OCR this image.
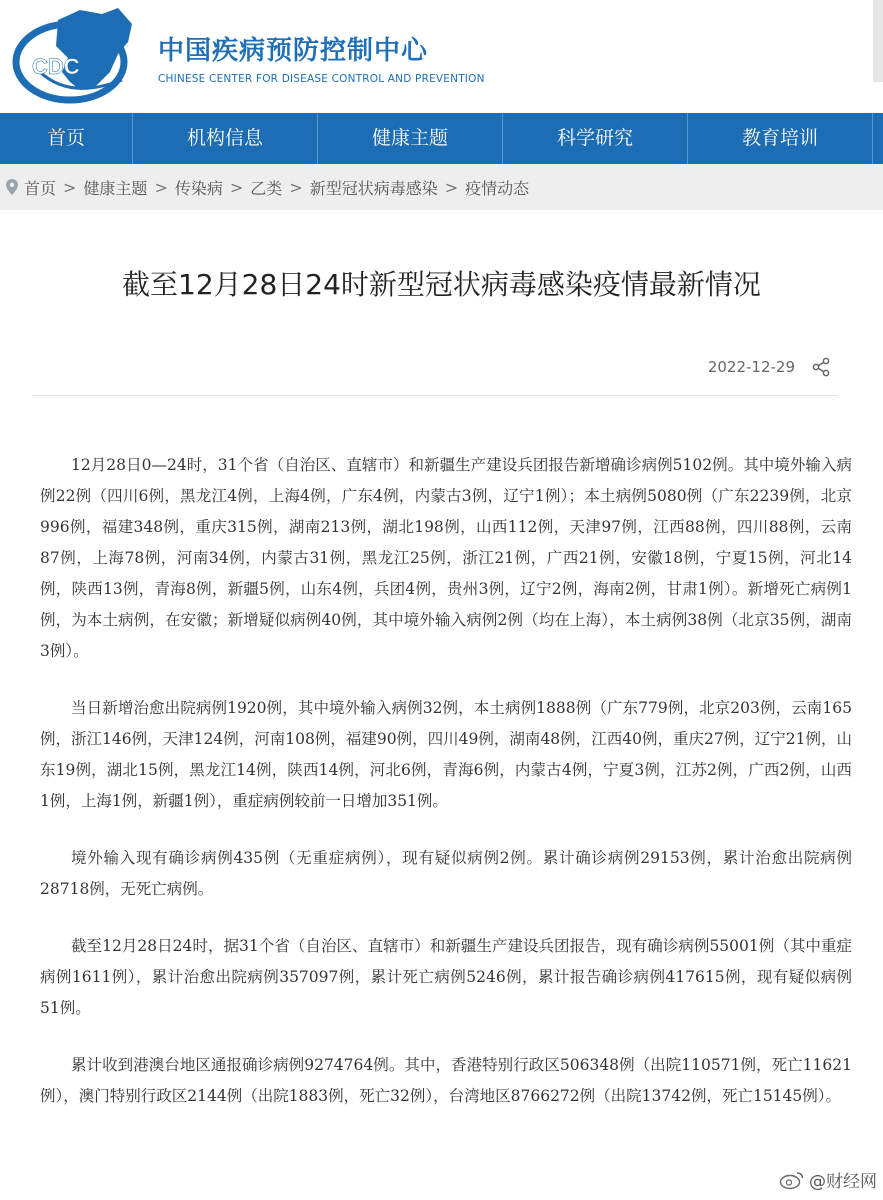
CDC
中国疾病预防控制中心
CHINESE CENTER FOR DISEASE CONTROL AND PREVENTION
首页	机构信息	健康主题	科学研究	教育培训
首页 > 健康主题 > 传染病 > 乙类 > 新型冠状病毒感染 > 疫情动态
截至12月28日24时新型冠状病毒感染疫情最新情况
2022-12-29

12月28日0—24时，31个省（自治区、直辖市）和新疆生产建设兵团报告新增确诊病例5102例。其中境外输入病例22例（四川6例，黑龙江4例，上海4例，广东4例，内蒙古3例，辽宁1例）；本土病例5080例（广东2239例，北京996例，福建348例，重庆315例，湖南213例，湖北198例，山西112例，天津97例，江西88例，四川88例，云南87例，上海78例，河南34例，内蒙古31例，黑龙江25例，浙江21例，广西21例，安徽18例，宁夏15例，河北14例，陕西13例，青海8例，新疆5例，山东4例，兵团4例，贵州3例，辽宁2例，海南2例，甘肃1例）。新增死亡病例1例，为本土病例，在安徽；新增疑似病例40例，其中境外输入病例2例（均在上海），本土病例38例（北京35例，湖南3例）。

当日新增治愈出院病例1920例，其中境外输入病例32例，本土病例1888例（广东779例，北京203例，云南165例，浙江146例，天津124例，河南108例，福建90例，四川49例，湖南48例，江西40例，重庆27例，辽宁21例，山东19例，湖北15例，黑龙江14例，陕西14例，河北6例，青海6例，内蒙古4例，宁夏3例，江苏2例，广西2例，山西1例，上海1例，新疆1例），重症病例较前一日增加351例。

境外输入现有确诊病例435例（无重症病例），现有疑似病例2例。累计确诊病例29153例，累计治愈出院病例28718例，无死亡病例。

截至12月28日24时，据31个省（自治区、直辖市）和新疆生产建设兵团报告，现有确诊病例55001例（其中重症病例1611例），累计治愈出院病例357097例，累计死亡病例5246例，累计报告确诊病例417615例，现有疑似病例51例。

累计收到港澳台地区通报确诊病例9274764例。其中，香港特别行政区506348例（出院110571例，死亡11621例），澳门特别行政区2144例（出院1883例，死亡32例），台湾地区8766272例（出院13742例，死亡15145例）。

@财经网
